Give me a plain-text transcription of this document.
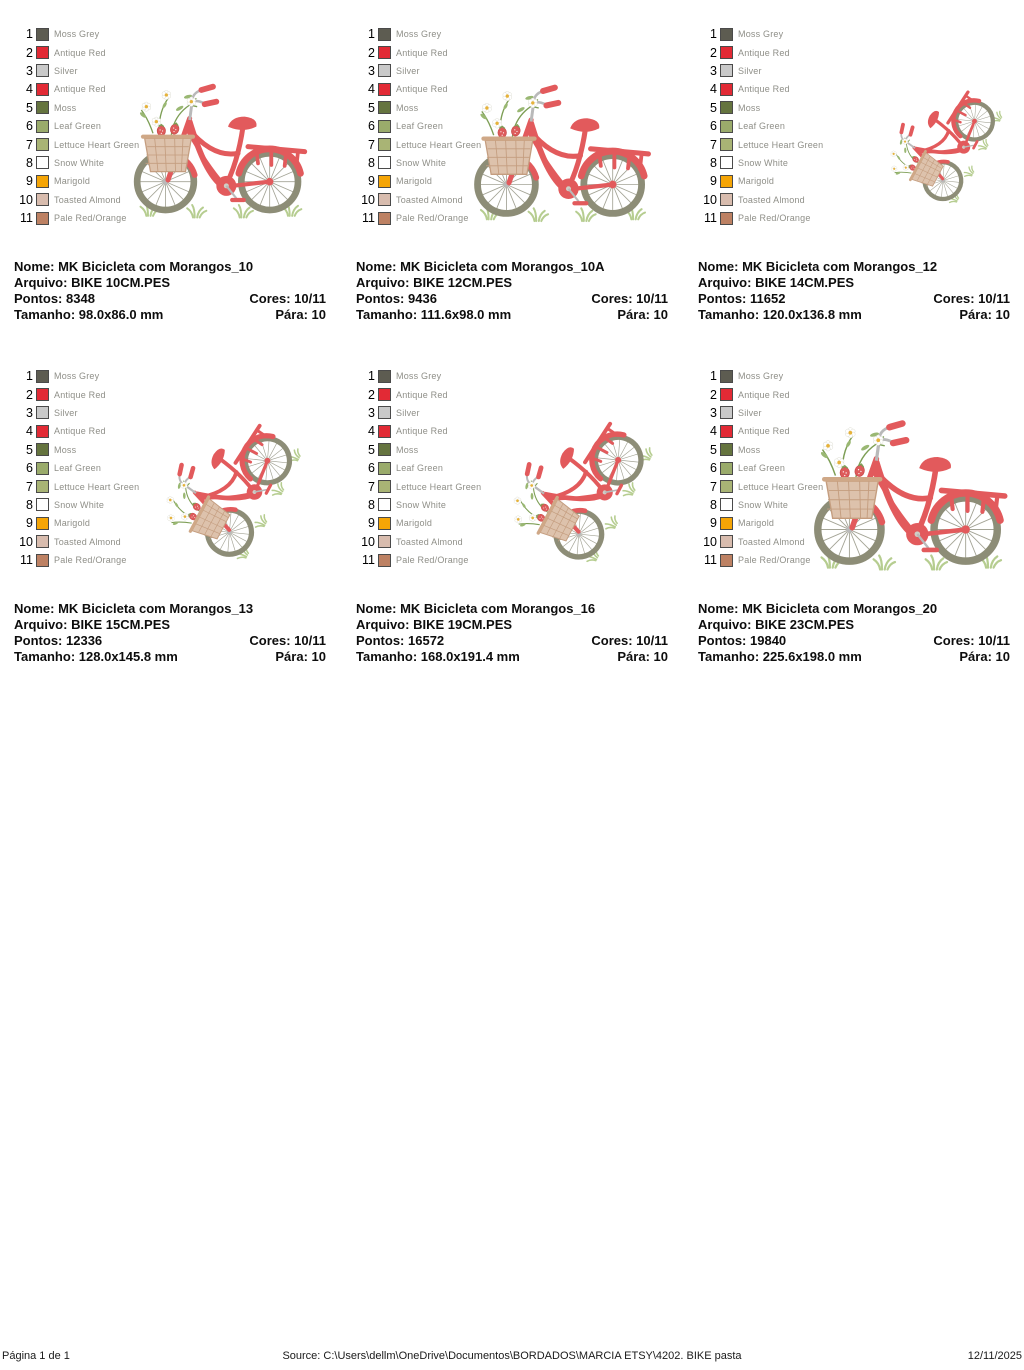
1 Moss Grey
2 Antique Red
3 Silver
4 Antique Red
5 Moss
6 Leaf Green
7 Lettuce Heart Green
8 Snow White
9 Marigold
10 Toasted Almond
11 Pale Red/Orange
Nome: MK Bicicleta com Morangos_10
Arquivo: BIKE 10CM.PES
Pontos: 8348	Cores: 10/11
Tamanho: 98.0x86.0 mm	Pára: 10
1 Moss Grey
2 Antique Red
3 Silver
4 Antique Red
5 Moss
6 Leaf Green
7 Lettuce Heart Green
8 Snow White
9 Marigold
10 Toasted Almond
11 Pale Red/Orange
Nome: MK Bicicleta com Morangos_10A
Arquivo: BIKE 12CM.PES
Pontos: 9436	Cores: 10/11
Tamanho: 111.6x98.0 mm	Pára: 10
1 Moss Grey
2 Antique Red
3 Silver
4 Antique Red
5 Moss
6 Leaf Green
7 Lettuce Heart Green
8 Snow White
9 Marigold
10 Toasted Almond
11 Pale Red/Orange
Nome: MK Bicicleta com Morangos_12
Arquivo: BIKE 14CM.PES
Pontos: 11652	Cores: 10/11
Tamanho: 120.0x136.8 mm	Pára: 10
1 Moss Grey
2 Antique Red
3 Silver
4 Antique Red
5 Moss
6 Leaf Green
7 Lettuce Heart Green
8 Snow White
9 Marigold
10 Toasted Almond
11 Pale Red/Orange
Nome: MK Bicicleta com Morangos_13
Arquivo: BIKE 15CM.PES
Pontos: 12336	Cores: 10/11
Tamanho: 128.0x145.8 mm	Pára: 10
1 Moss Grey
2 Antique Red
3 Silver
4 Antique Red
5 Moss
6 Leaf Green
7 Lettuce Heart Green
8 Snow White
9 Marigold
10 Toasted Almond
11 Pale Red/Orange
Nome: MK Bicicleta com Morangos_16
Arquivo: BIKE 19CM.PES
Pontos: 16572	Cores: 10/11
Tamanho: 168.0x191.4 mm	Pára: 10
1 Moss Grey
2 Antique Red
3 Silver
4 Antique Red
5 Moss
6 Leaf Green
7 Lettuce Heart Green
8 Snow White
9 Marigold
10 Toasted Almond
11 Pale Red/Orange
Nome: MK Bicicleta com Morangos_20
Arquivo: BIKE 23CM.PES
Pontos: 19840	Cores: 10/11
Tamanho: 225.6x198.0 mm	Pára: 10
Source: C:\Users\dellm\OneDrive\Documentos\BORDADOS\MARCIA ETSY\4202. BIKE pasta
Página 1 de 1	12/11/2025
